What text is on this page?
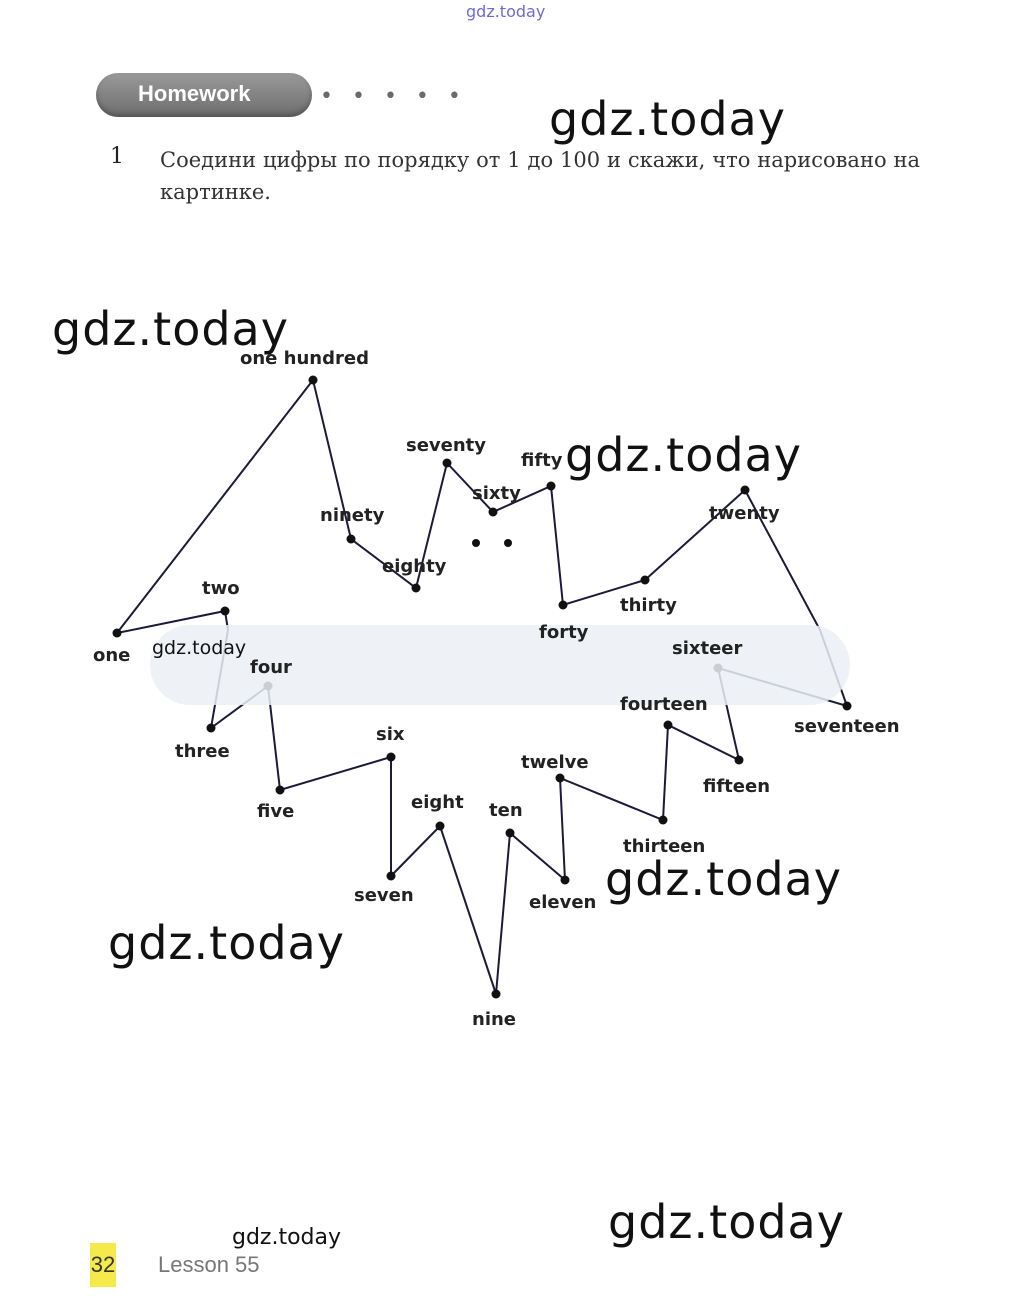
gdz.today
Homework	• • • • •
1 Соедини цифры по порядку от 1 до 100 и скажи, что нарисовано на картинке.
one
two
three
four
five
six
seven
eight
nine
ten
eleven
twelve
thirteen
fourteen
fifteen
sixteer
seventeen
twenty
thirty
forty
fifty
sixty
seventy
eighty
ninety
one hundred
gdz.today
gdz.today
gdz.today
gdz.today
gdz.today
gdz.today
gdz.today	gdz.today
32 Lesson 55
